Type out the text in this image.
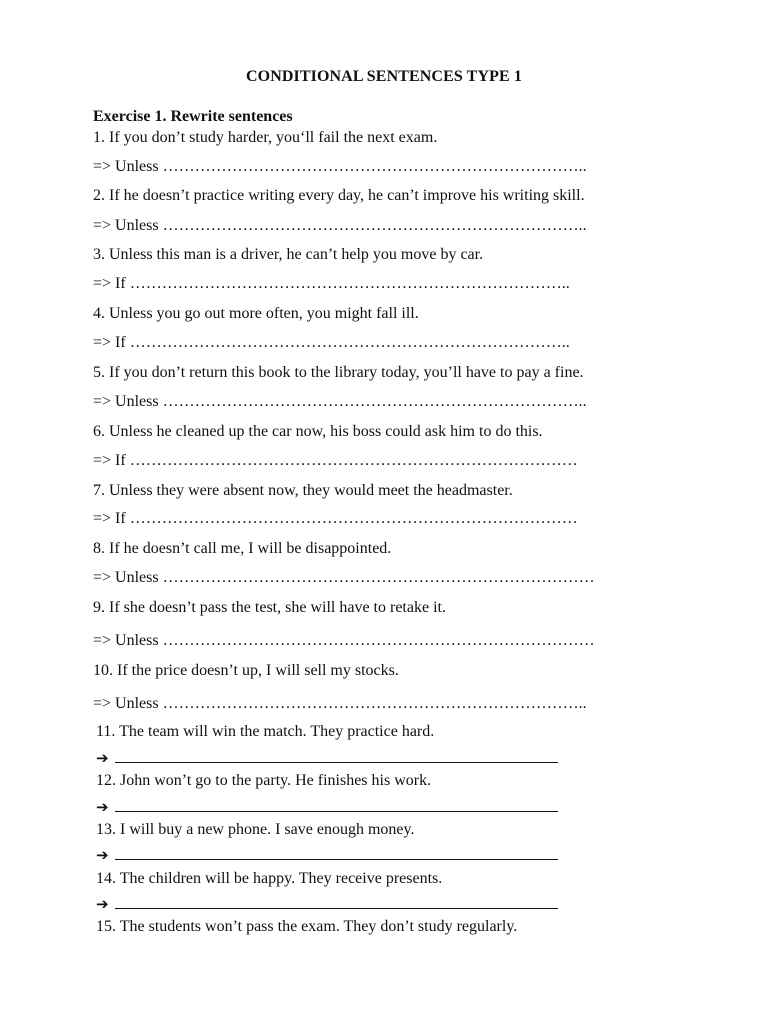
CONDITIONAL SENTENCES TYPE 1
Exercise 1. Rewrite sentences
1. If you don’t study harder, you‘ll fail the next exam.
=> Unless ……………………………………………………………………..
2. If he doesn’t practice writing every day, he can’t improve his writing skill.
=> Unless ……………………………………………………………………..
3. Unless this man is a driver, he can’t help you move by car.
=> If ………………………………………………………………………..
4. Unless you go out more often, you might fall ill.
=> If ………………………………………………………………………..
5. If you don’t return this book to the library today, you’ll have to pay a fine.
=> Unless ……………………………………………………………………..
6. Unless he cleaned up the car now, his boss could ask him to do this.
=> If …………………………………………………………………………
7. Unless they were absent now, they would meet the headmaster.
=> If …………………………………………………………………………
8. If he doesn’t call me, I will be disappointed.
=> Unless ………………………………………………………………………
9. If she doesn’t pass the test, she will have to retake it.
=> Unless ………………………………………………………………………
10. If the price doesn’t up, I will sell my stocks.
=> Unless ……………………………………………………………………..
11. The team will win the match. They practice hard.
➔
12. John won’t go to the party. He finishes his work.
➔
13. I will buy a new phone. I save enough money.
➔
14. The children will be happy. They receive presents.
➔
15. The students won’t pass the exam. They don’t study regularly.
